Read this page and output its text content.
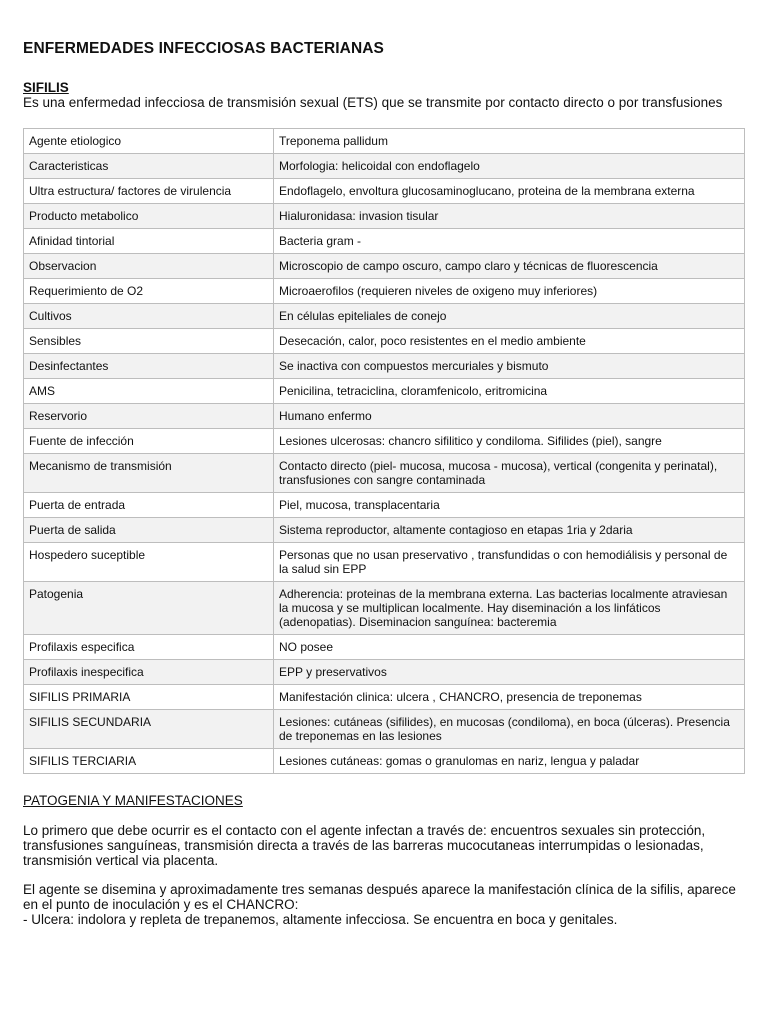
ENFERMEDADES INFECCIOSAS BACTERIANAS
SIFILIS

Es una enfermedad infecciosa de transmisión sexual (ETS) que se transmite por contacto directo o por transfusiones

Agente etiologico	Treponema pallidum
Caracteristicas	Morfologia: helicoidal con endoflagelo
Ultra estructura/ factores de virulencia	Endoflagelo, envoltura glucosaminoglucano, proteina de la membrana externa
Producto metabolico	Hialuronidasa: invasion tisular
Afinidad tintorial	Bacteria gram -
Observacion	Microscopio de campo oscuro, campo claro y técnicas de fluorescencia
Requerimiento de O2	Microaerofilos (requieren niveles de oxigeno muy inferiores)
Cultivos	En células epiteliales de conejo
Sensibles	Desecación, calor, poco resistentes en el medio ambiente
Desinfectantes	Se inactiva con compuestos mercuriales y bismuto
AMS	Penicilina, tetraciclina, cloramfenicolo, eritromicina
Reservorio	Humano enfermo
Fuente de infección	Lesiones ulcerosas: chancro sifilitico y condiloma. Sifilides (piel), sangre
Mecanismo de transmisión	Contacto directo (piel- mucosa, mucosa - mucosa), vertical (congenita y perinatal), transfusiones con sangre contaminada
Puerta de entrada	Piel, mucosa, transplacentaria
Puerta de salida	Sistema reproductor, altamente contagioso en etapas 1ria y 2daria
Hospedero suceptible	Personas que no usan preservativo , transfundidas o con hemodiálisis y personal de la salud sin EPP
Patogenia	Adherencia: proteinas de la membrana externa. Las bacterias localmente atraviesan la mucosa y se multiplican localmente. Hay diseminación a los linfáticos (adenopatias). Diseminacion sanguínea: bacteremia
Profilaxis especifica	NO posee
Profilaxis inespecifica	EPP y preservativos
SIFILIS PRIMARIA	Manifestación clinica: ulcera , CHANCRO, presencia de treponemas
SIFILIS SECUNDARIA	Lesiones: cutáneas (sifilides), en mucosas (condiloma), en boca (úlceras). Presencia de treponemas en las lesiones
SIFILIS TERCIARIA	Lesiones cutáneas: gomas o granulomas en nariz, lengua y paladar
PATOGENIA Y MANIFESTACIONES
Lo primero que debe ocurrir es el contacto con el agente infectan a través de: encuentros sexuales sin protección, transfusiones sanguíneas, transmisión directa a través de las barreras mucocutaneas interrumpidas o lesionadas, transmisión vertical via placenta.
El agente se disemina y aproximadamente tres semanas después aparece la manifestación clínica de la sifilis, aparece en el punto de inoculación y es el CHANCRO:
- Ulcera: indolora y repleta de trepanemos, altamente infecciosa. Se encuentra en boca y genitales.
